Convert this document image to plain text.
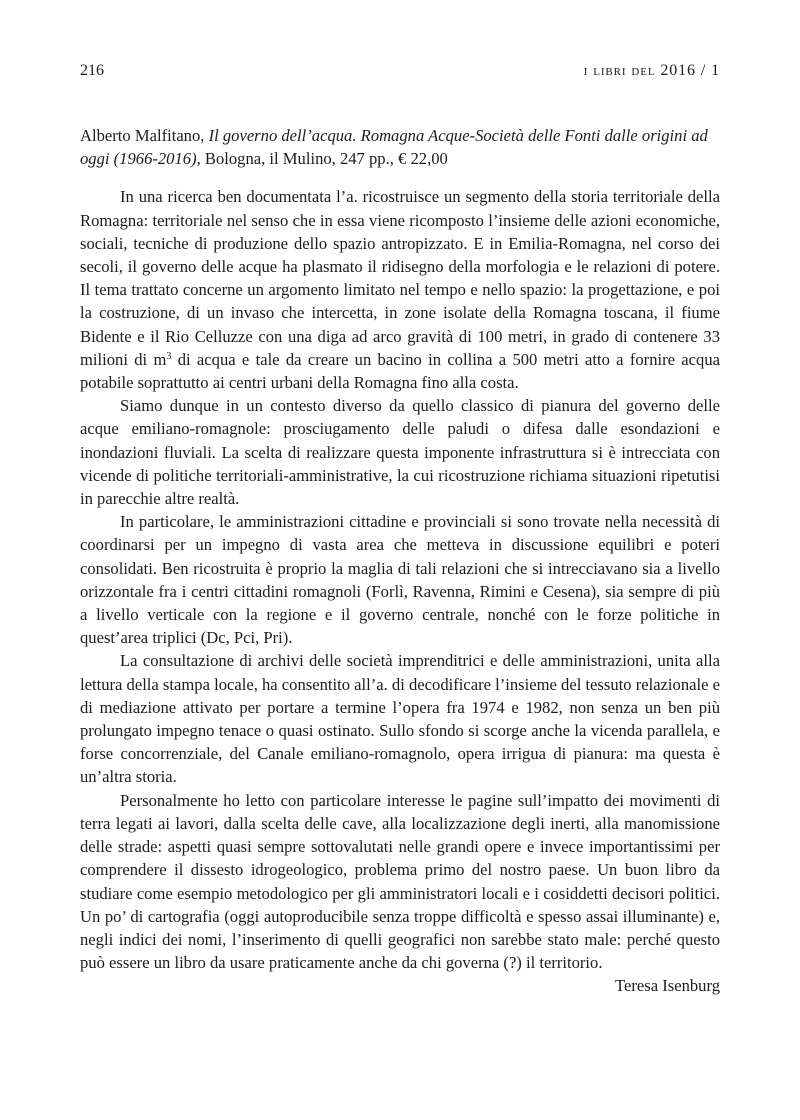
216	i libri del 2016 / 1
Alberto Malfitano, Il governo dell’acqua. Romagna Acque-Società delle Fonti dalle origini ad oggi (1966-2016), Bologna, il Mulino, 247 pp., € 22,00

In una ricerca ben documentata l’a. ricostruisce un segmento della storia territoriale della Romagna: territoriale nel senso che in essa viene ricomposto l’insieme delle azioni economiche, sociali, tecniche di produzione dello spazio antropizzato. E in Emilia-Romagna, nel corso dei secoli, il governo delle acque ha plasmato il ridisegno della morfologia e le relazioni di potere. Il tema trattato concerne un argomento limitato nel tempo e nello spazio: la progettazione, e poi la costruzione, di un invaso che intercetta, in zone isolate della Romagna toscana, il fiume Bidente e il Rio Celluzze con una diga ad arco gravità di 100 metri, in grado di contenere 33 milioni di $m^3$ di acqua e tale da creare un bacino in collina a 500 metri atto a fornire acqua potabile soprattutto ai centri urbani della Romagna fino alla costa.

Siamo dunque in un contesto diverso da quello classico di pianura del governo delle acque emiliano-romagnole: prosciugamento delle paludi o difesa dalle esondazioni e inondazioni fluviali. La scelta di realizzare questa imponente infrastruttura si è intrecciata con vicende di politiche territoriali-amministrative, la cui ricostruzione richiama situazioni ripetutisi in parecchie altre realtà.

In particolare, le amministrazioni cittadine e provinciali si sono trovate nella necessità di coordinarsi per un impegno di vasta area che metteva in discussione equilibri e poteri consolidati. Ben ricostruita è proprio la maglia di tali relazioni che si intrecciavano sia a livello orizzontale fra i centri cittadini romagnoli (Forlì, Ravenna, Rimini e Cesena), sia sempre di più a livello verticale con la regione e il governo centrale, nonché con le forze politiche in quest’area triplici (Dc, Pci, Pri).

La consultazione di archivi delle società imprenditrici e delle amministrazioni, unita alla lettura della stampa locale, ha consentito all’a. di decodificare l’insieme del tessuto relazionale e di mediazione attivato per portare a termine l’opera fra 1974 e 1982, non senza un ben più prolungato impegno tenace o quasi ostinato. Sullo sfondo si scorge anche la vicenda parallela, e forse concorrenziale, del Canale emiliano-romagnolo, opera irrigua di pianura: ma questa è un’altra storia.

Personalmente ho letto con particolare interesse le pagine sull’impatto dei movimenti di terra legati ai lavori, dalla scelta delle cave, alla localizzazione degli inerti, alla manomissione delle strade: aspetti quasi sempre sottovalutati nelle grandi opere e invece importantissimi per comprendere il dissesto idrogeologico, problema primo del nostro paese. Un buon libro da studiare come esempio metodologico per gli amministratori locali e i cosiddetti decisori politici. Un po’ di cartografia (oggi autoproducibile senza troppe difficoltà e spesso assai illuminante) e, negli indici dei nomi, l’inserimento di quelli geografici non sarebbe stato male: perché questo può essere un libro da usare praticamente anche da chi governa (?) il territorio.

Teresa Isenburg
